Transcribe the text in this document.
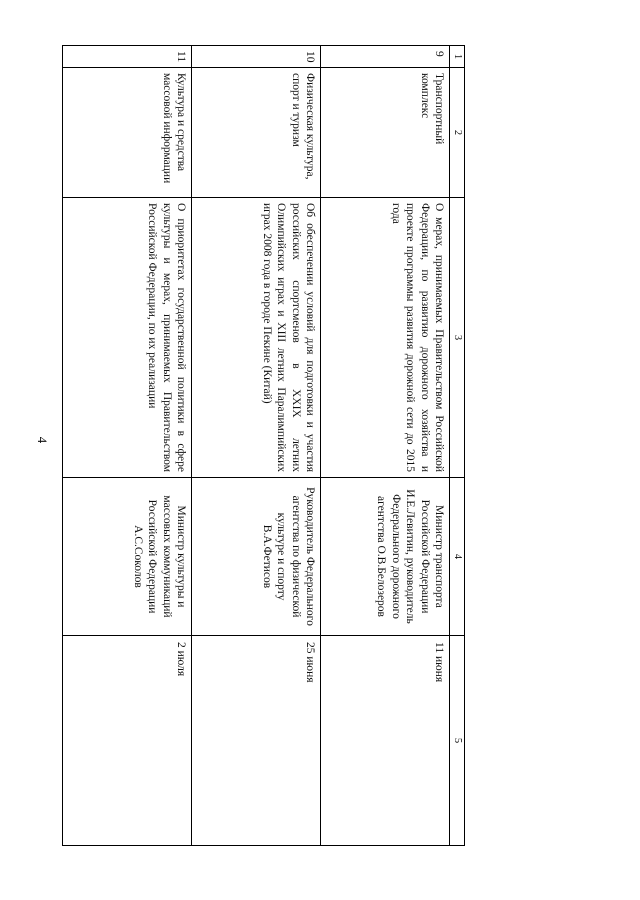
4
1	2	3	4	5
9	Транспортный комплекс	О мерах, принимаемых Правительством Российской Федерации, по развитию дорожного хозяйства и проекте программы развития дорожной сети до 2015 года	Министр транспорта Российской Федерации И.Е.Левитин, руководитель Федерального дорожного агентства О.В.Белозеров	11 июня
10	Физическая культура, спорт и туризм	Об обеспечении условий для подготовки и участия российских спортсменов в XXIX летних Олимпийских играх и XIII летних Паралимпийских играх 2008 года в городе Пекине (Китай)	Руководитель Федерального агентства по физической культуре и спорту В.А.Фетисов	25 июня
11	Культура и средства массовой информации	О приоритетах государственной политики в сфере культуры и мерах, принимаемых Правительством Российской Федерации, по их реализации	Министр культуры и массовых коммуникаций Российской Федерации А.С.Соколов	2 июля
